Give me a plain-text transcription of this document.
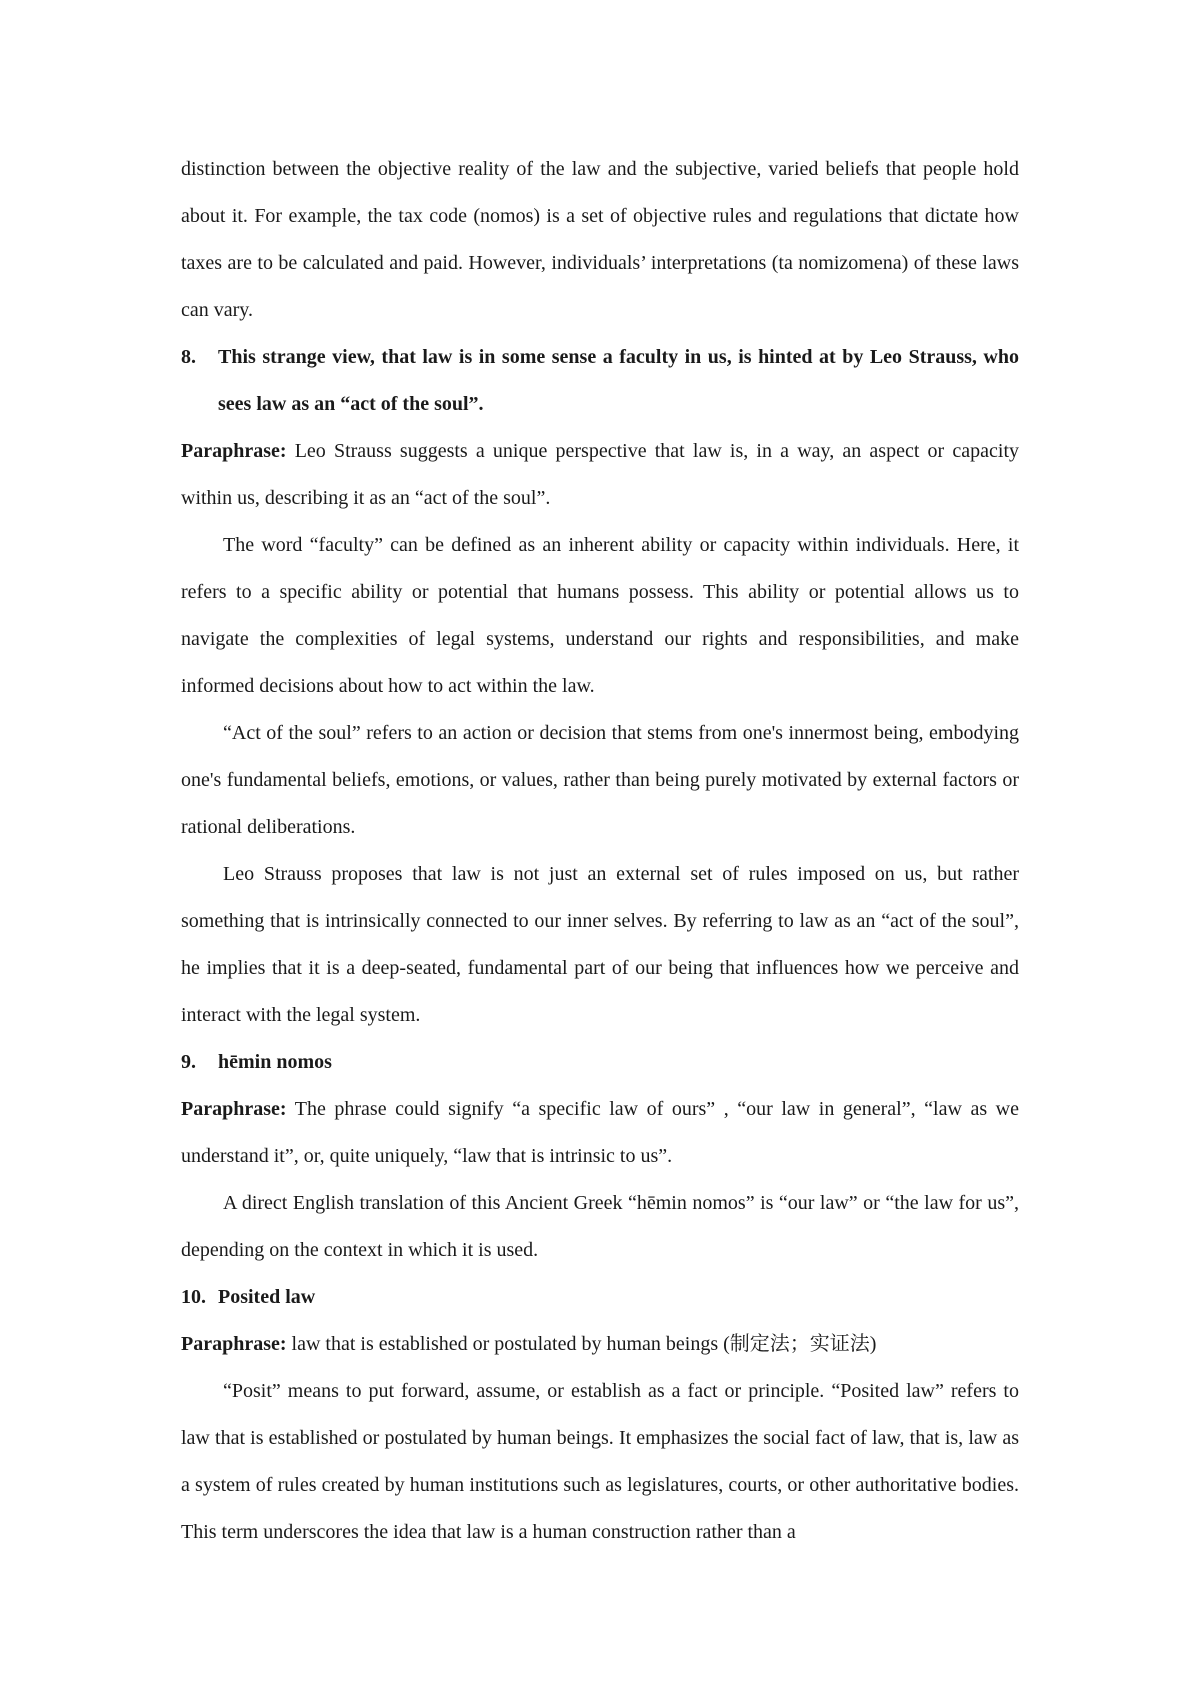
distinction between the objective reality of the law and the subjective, varied beliefs that people hold about it. For example, the tax code (nomos) is a set of objective rules and regulations that dictate how taxes are to be calculated and paid. However, individuals’ interpretations (ta nomizomena) of these laws can vary.

8.	This strange view, that law is in some sense a faculty in us, is hinted at by Leo Strauss, who sees law as an “act of the soul”.

Paraphrase: Leo Strauss suggests a unique perspective that law is, in a way, an aspect or capacity within us, describing it as an “act of the soul”.

The word “faculty” can be defined as an inherent ability or capacity within individuals. Here, it refers to a specific ability or potential that humans possess. This ability or potential allows us to navigate the complexities of legal systems, understand our rights and responsibilities, and make informed decisions about how to act within the law.

“Act of the soul” refers to an action or decision that stems from one's innermost being, embodying one's fundamental beliefs, emotions, or values, rather than being purely motivated by external factors or rational deliberations.

Leo Strauss proposes that law is not just an external set of rules imposed on us, but rather something that is intrinsically connected to our inner selves. By referring to law as an “act of the soul”, he implies that it is a deep-seated, fundamental part of our being that influences how we perceive and interact with the legal system.

9.	hēmin nomos

Paraphrase: The phrase could signify “a specific law of ours” , “our law in general”, “law as we understand it”, or, quite uniquely, “law that is intrinsic to us”.

A direct English translation of this Ancient Greek “hēmin nomos” is “our law” or “the law for us”, depending on the context in which it is used.

10. Posited law

Paraphrase: law that is established or postulated by human beings (制定法；实证法)

“Posit” means to put forward, assume, or establish as a fact or principle. “Posited law” refers to law that is established or postulated by human beings. It emphasizes the social fact of law, that is, law as a system of rules created by human institutions such as legislatures, courts, or other authoritative bodies. This term underscores the idea that law is a human construction rather than a
